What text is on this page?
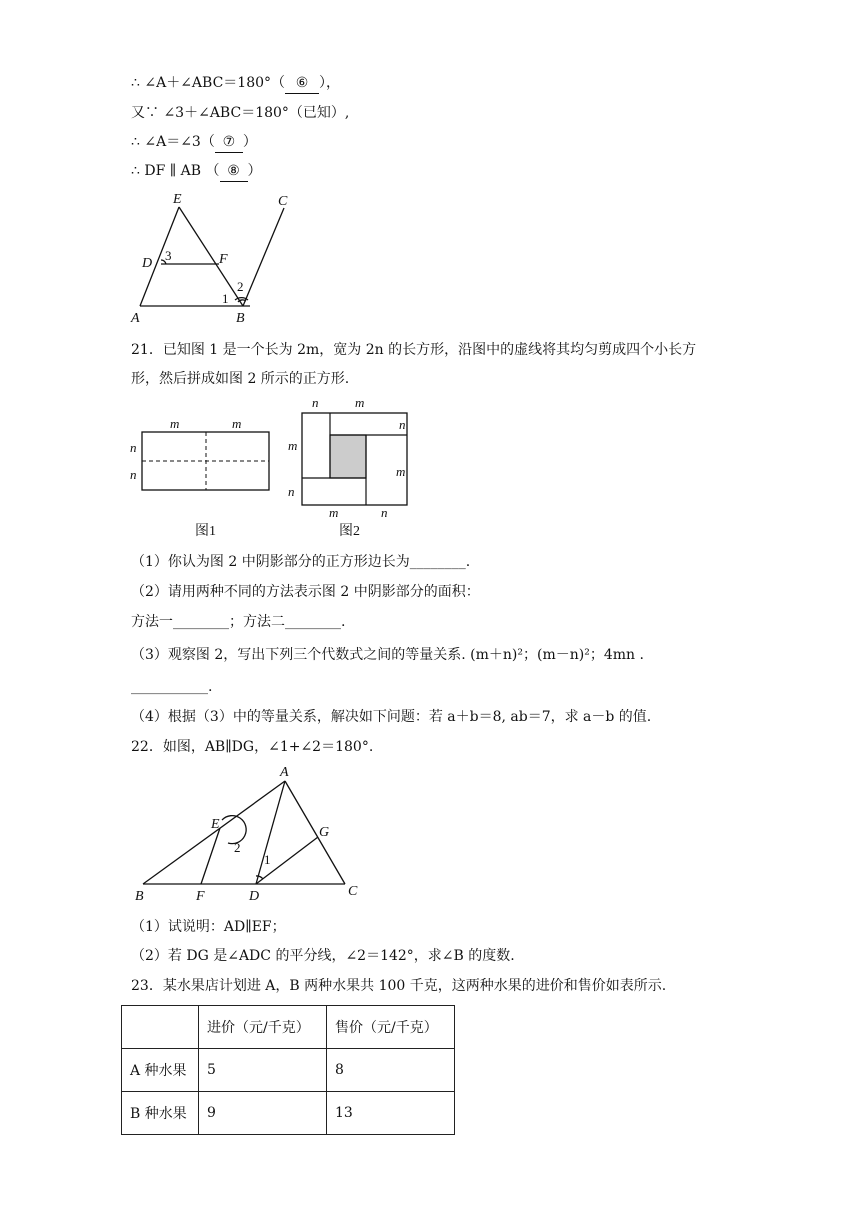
∴ ∠A＋∠ABC＝180°（ ⑥ ），
又∵ ∠3＋∠ABC＝180°（已知）,
∴ ∠A＝∠3（ ⑦ ）
∴ DF ∥ AB （ ⑧ ）
E	C
D	F
A	B
3
1
2
21．已知图 1 是一个长为 2m，宽为 2n 的长方形，沿图中的虚线将其均匀剪成四个小长方
形，然后拼成如图 2 所示的正方形.
m	m
n
n
n	m
m
n
n
m
m	n
图1	图2
（1）你认为图 2 中阴影部分的正方形边长为________.
（2）请用两种不同的方法表示图 2 中阴影部分的面积：
方法一________；方法二________.
（3）观察图 2，写出下列三个代数式之间的等量关系. (m＋n)²；(m－n)²；4mn .
___________.
（4）根据（3）中的等量关系，解决如下问题：若 a＋b＝8, ab＝7，求 a－b 的值.
22．如图，AB∥DG，∠1+∠2＝180°.
A
E
G
B	F	D	C
2
1
（1）试说明：AD∥EF；
（2）若 DG 是∠ADC 的平分线，∠2＝142°，求∠B 的度数.
23．某水果店计划进 A，B 两种水果共 100 千克，这两种水果的进价和售价如表所示.
	进价（元/千克）	售价（元/千克）
A 种水果	5	8
B 种水果	9	13
